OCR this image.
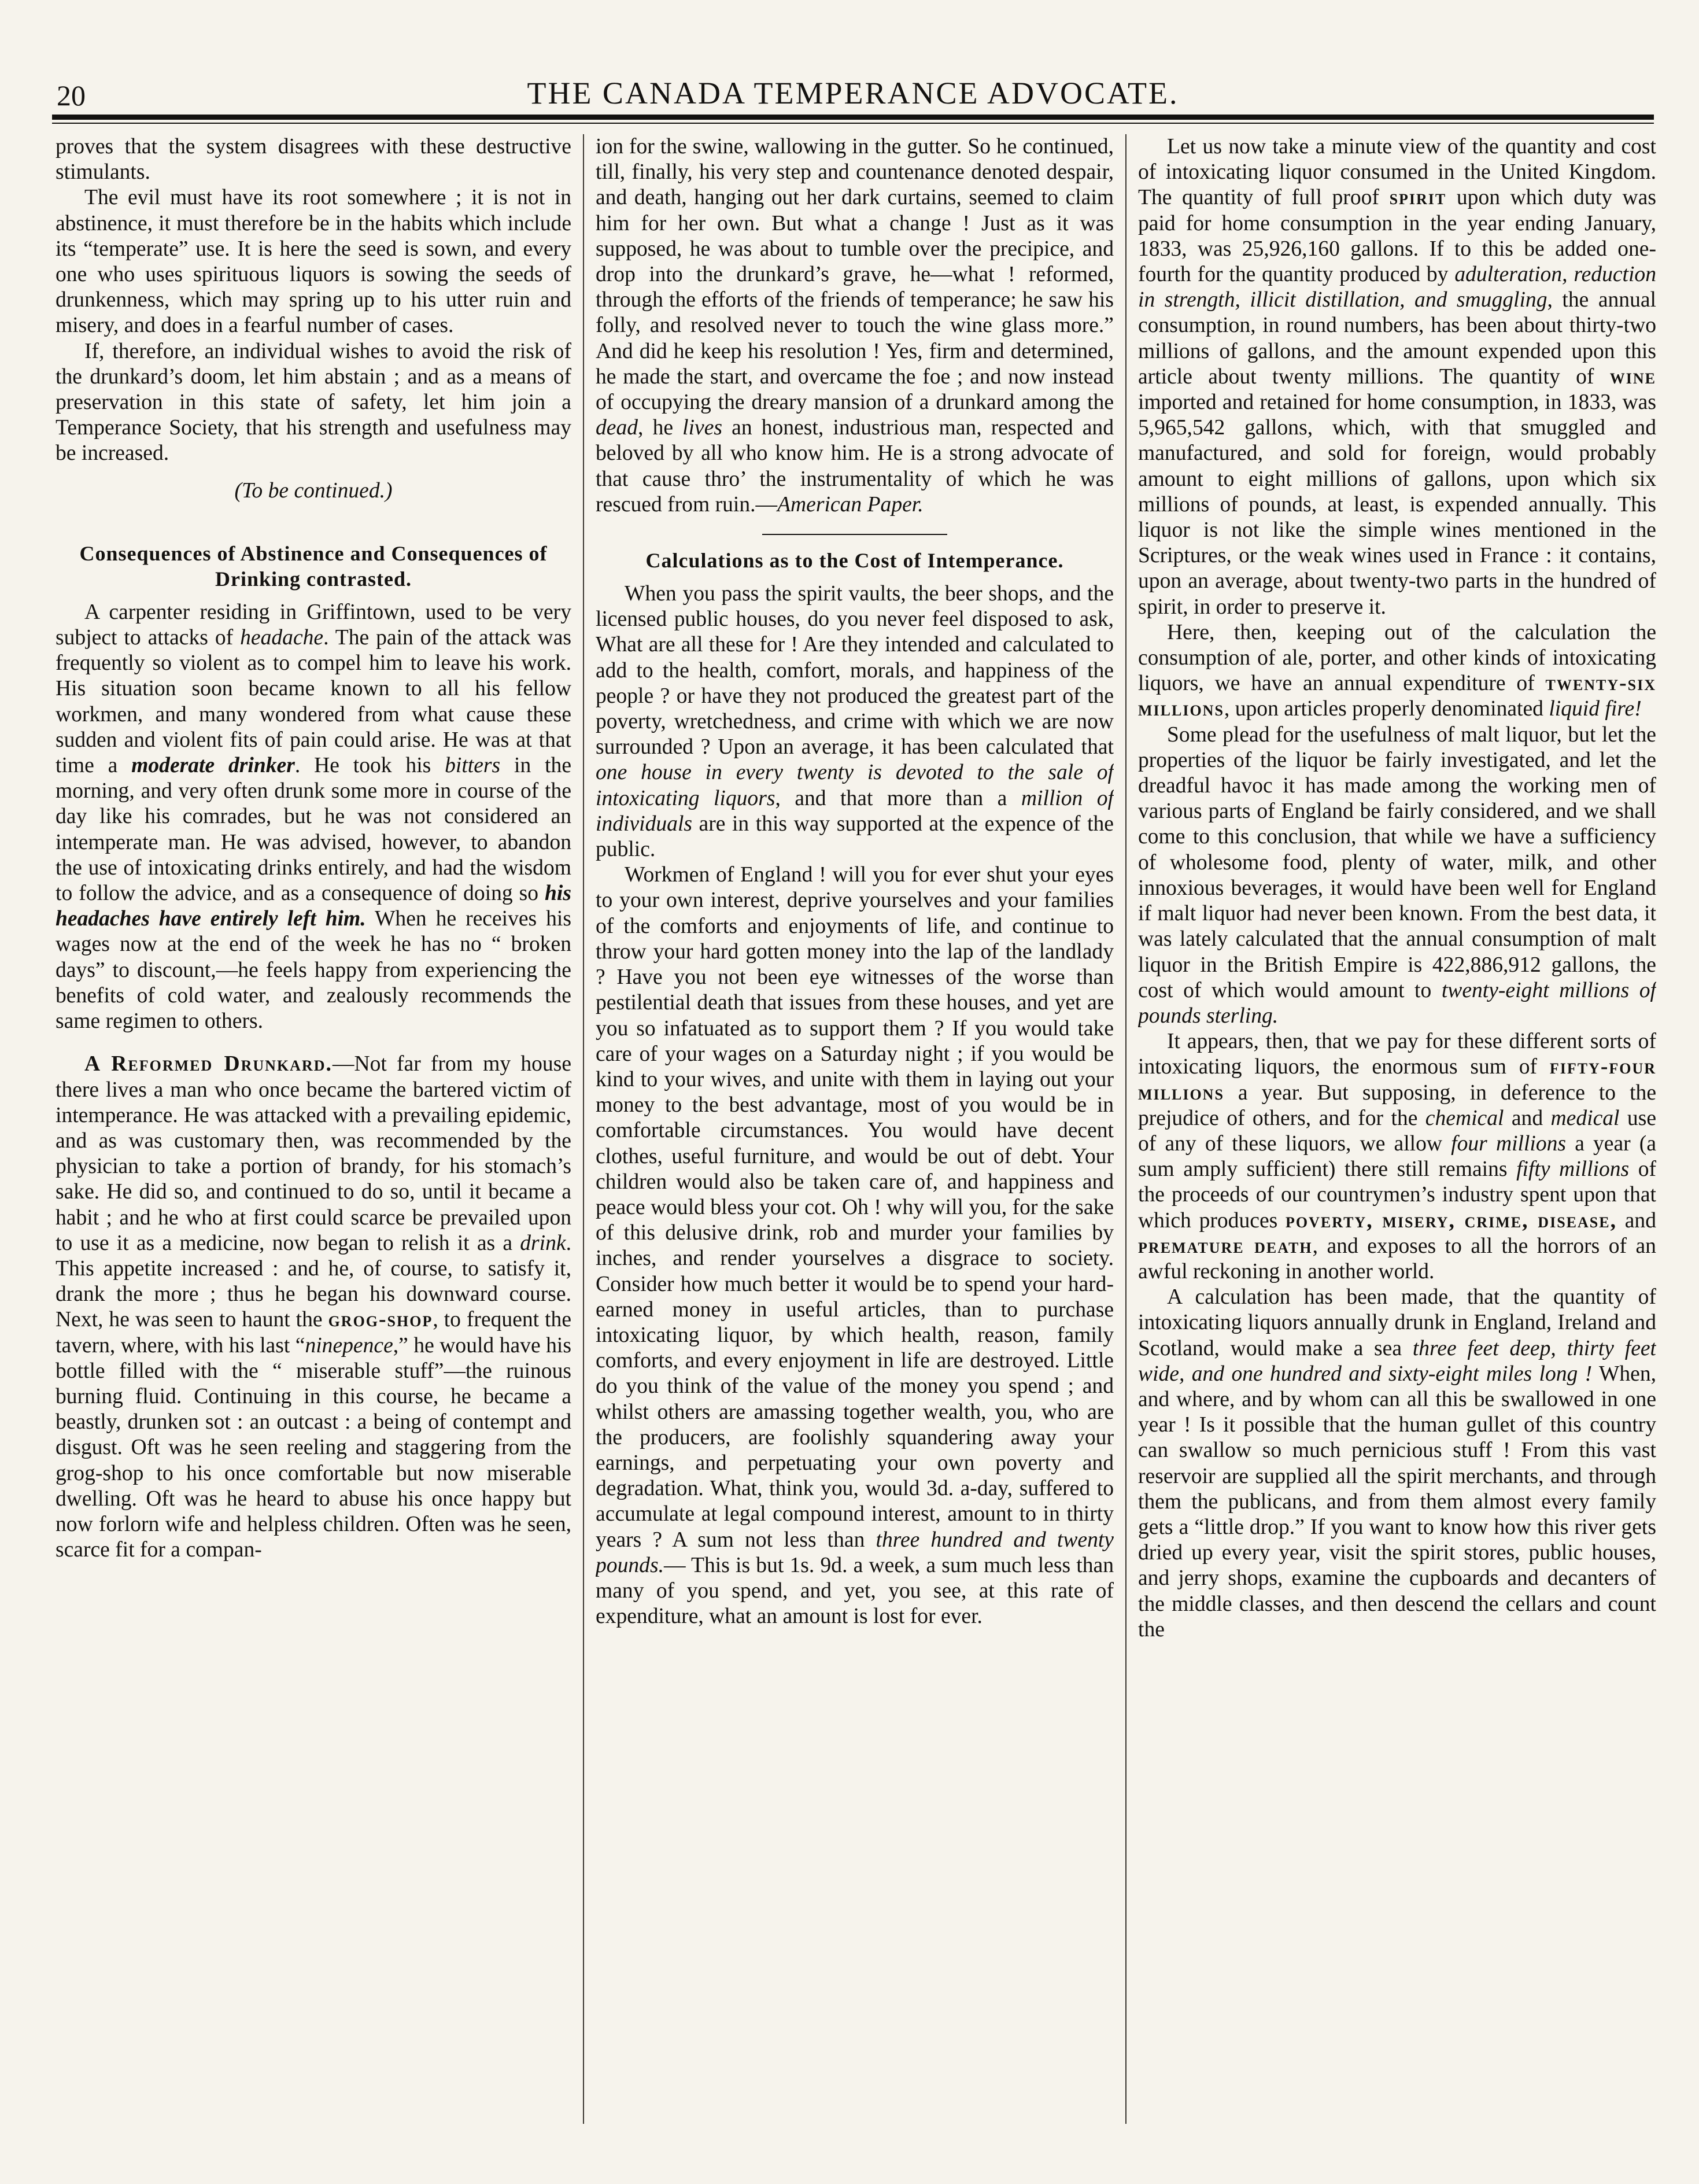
20	THE CANADA TEMPERANCE ADVOCATE.

proves that the system disagrees with these destructive stimulants.

The evil must have its root somewhere ; it is not in abstinence, it must therefore be in the habits which include its “temperate” use. It is here the seed is sown, and every one who uses spirituous liquors is sowing the seeds of drunkenness, which may spring up to his utter ruin and misery, and does in a fearful number of cases.

If, therefore, an individual wishes to avoid the risk of the drunkard’s doom, let him abstain ; and as a means of preservation in this state of safety, let him join a Temperance Society, that his strength and usefulness may be increased.

(To be continued.)

Consequences of Abstinence and Consequences of Drinking contrasted.

A carpenter residing in Griffintown, used to be very subject to attacks of headache. The pain of the attack was frequently so violent as to compel him to leave his work. His situation soon became known to all his fellow workmen, and many wondered from what cause these sudden and violent fits of pain could arise. He was at that time a moderate drinker. He took his bitters in the morning, and very often drunk some more in course of the day like his comrades, but he was not considered an intemperate man. He was advised, however, to abandon the use of intoxicating drinks entirely, and had the wisdom to follow the advice, and as a consequence of doing so his headaches have entirely left him. When he receives his wages now at the end of the week he has no “ broken days” to discount,—he feels happy from experiencing the benefits of cold water, and zealously recommends the same regimen to others.

A Reformed Drunkard.—Not far from my house there lives a man who once became the bartered victim of intemperance. He was attacked with a prevailing epidemic, and as was customary then, was recommended by the physician to take a portion of brandy, for his stomach’s sake. He did so, and continued to do so, until it became a habit ; and he who at first could scarce be prevailed upon to use it as a medicine, now began to relish it as a drink. This appetite increased : and he, of course, to satisfy it, drank the more ; thus he began his downward course. Next, he was seen to haunt the grog-shop, to frequent the tavern, where, with his last “ninepence,” he would have his bottle filled with the “ miserable stuff”—the ruinous burning fluid. Continuing in this course, he became a beastly, drunken sot : an outcast : a being of contempt and disgust. Oft was he seen reeling and staggering from the grog-shop to his once comfortable but now miserable dwelling. Oft was he heard to abuse his once happy but now forlorn wife and helpless children. Often was he seen, scarce fit for a compan-

ion for the swine, wallowing in the gutter. So he continued, till, finally, his very step and countenance denoted despair, and death, hanging out her dark curtains, seemed to claim him for her own. But what a change ! Just as it was supposed, he was about to tumble over the precipice, and drop into the drunkard’s grave, he—what ! reformed, through the efforts of the friends of temperance; he saw his folly, and resolved never to touch the wine glass more.” And did he keep his resolution ! Yes, firm and determined, he made the start, and overcame the foe ; and now instead of occupying the dreary mansion of a drunkard among the dead, he lives an honest, industrious man, respected and beloved by all who know him. He is a strong advocate of that cause thro’ the instrumentality of which he was rescued from ruin.—American Paper.

Calculations as to the Cost of Intemperance.

When you pass the spirit vaults, the beer shops, and the licensed public houses, do you never feel disposed to ask, What are all these for ! Are they intended and calculated to add to the health, comfort, morals, and happiness of the people ? or have they not produced the greatest part of the poverty, wretchedness, and crime with which we are now surrounded ? Upon an average, it has been calculated that one house in every twenty is devoted to the sale of intoxicating liquors, and that more than a million of individuals are in this way supported at the expence of the public.

Workmen of England ! will you for ever shut your eyes to your own interest, deprive yourselves and your families of the comforts and enjoyments of life, and continue to throw your hard gotten money into the lap of the landlady ? Have you not been eye witnesses of the worse than pestilential death that issues from these houses, and yet are you so infatuated as to support them ? If you would take care of your wages on a Saturday night ; if you would be kind to your wives, and unite with them in laying out your money to the best advantage, most of you would be in comfortable circumstances. You would have decent clothes, useful furniture, and would be out of debt. Your children would also be taken care of, and happiness and peace would bless your cot. Oh ! why will you, for the sake of this delusive drink, rob and murder your families by inches, and render yourselves a disgrace to society. Consider how much better it would be to spend your hard-earned money in useful articles, than to purchase intoxicating liquor, by which health, reason, family comforts, and every enjoyment in life are destroyed. Little do you think of the value of the money you spend ; and whilst others are amassing together wealth, you, who are the producers, are foolishly squandering away your earnings, and perpetuating your own poverty and degradation. What, think you, would 3d. a-day, suffered to accumulate at legal compound interest, amount to in thirty years ? A sum not less than three hundred and twenty pounds.— This is but 1s. 9d. a week, a sum much less than many of you spend, and yet, you see, at this rate of expenditure, what an amount is lost for ever.

Let us now take a minute view of the quantity and cost of intoxicating liquor consumed in the United Kingdom. The quantity of full proof spirit upon which duty was paid for home consumption in the year ending January, 1833, was 25,926,160 gallons. If to this be added one-fourth for the quantity produced by adulteration, reduction in strength, illicit distillation, and smuggling, the annual consumption, in round numbers, has been about thirty-two millions of gallons, and the amount expended upon this article about twenty millions. The quantity of wine imported and retained for home consumption, in 1833, was 5,965,542 gallons, which, with that smuggled and manufactured, and sold for foreign, would probably amount to eight millions of gallons, upon which six millions of pounds, at least, is expended annually. This liquor is not like the simple wines mentioned in the Scriptures, or the weak wines used in France : it contains, upon an average, about twenty-two parts in the hundred of spirit, in order to preserve it.

Here, then, keeping out of the calculation the consumption of ale, porter, and other kinds of intoxicating liquors, we have an annual expenditure of twenty-six millions, upon articles properly denominated liquid fire!

Some plead for the usefulness of malt liquor, but let the properties of the liquor be fairly investigated, and let the dreadful havoc it has made among the working men of various parts of England be fairly considered, and we shall come to this conclusion, that while we have a sufficiency of wholesome food, plenty of water, milk, and other innoxious beverages, it would have been well for England if malt liquor had never been known. From the best data, it was lately calculated that the annual consumption of malt liquor in the British Empire is 422,886,912 gallons, the cost of which would amount to twenty-eight millions of pounds sterling.

It appears, then, that we pay for these different sorts of intoxicating liquors, the enormous sum of fifty-four millions a year. But supposing, in deference to the prejudice of others, and for the chemical and medical use of any of these liquors, we allow four millions a year (a sum amply sufficient) there still remains fifty millions of the proceeds of our countrymen’s industry spent upon that which produces poverty, misery, crime, disease, and premature death, and exposes to all the horrors of an awful reckoning in another world.

A calculation has been made, that the quantity of intoxicating liquors annually drunk in England, Ireland and Scotland, would make a sea three feet deep, thirty feet wide, and one hundred and sixty-eight miles long ! When, and where, and by whom can all this be swallowed in one year ! Is it possible that the human gullet of this country can swallow so much pernicious stuff ! From this vast reservoir are supplied all the spirit merchants, and through them the publicans, and from them almost every family gets a “little drop.” If you want to know how this river gets dried up every year, visit the spirit stores, public houses, and jerry shops, examine the cupboards and decanters of the middle classes, and then descend the cellars and count the
